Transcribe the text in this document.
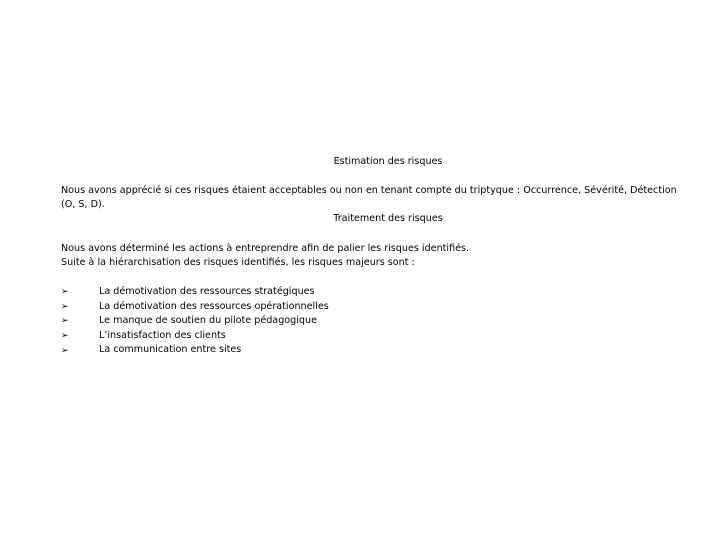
Estimation des risques
Nous avons apprécié si ces risques étaient acceptables ou non en tenant compte du triptyque : Occurrence, Sévérité, Détection
(O, S, D).
Traitement des risques
Nous avons déterminé les actions à entreprendre afin de palier les risques identifiés.
Suite à la hiérarchisation des risques identifiés, les risques majeurs sont :
➢
La démotivation des ressources stratégiques
➢
La démotivation des ressources opérationnelles
➢
Le manque de soutien du pilote pédagogique
➢
L’insatisfaction des clients
➢
La communication entre sites
